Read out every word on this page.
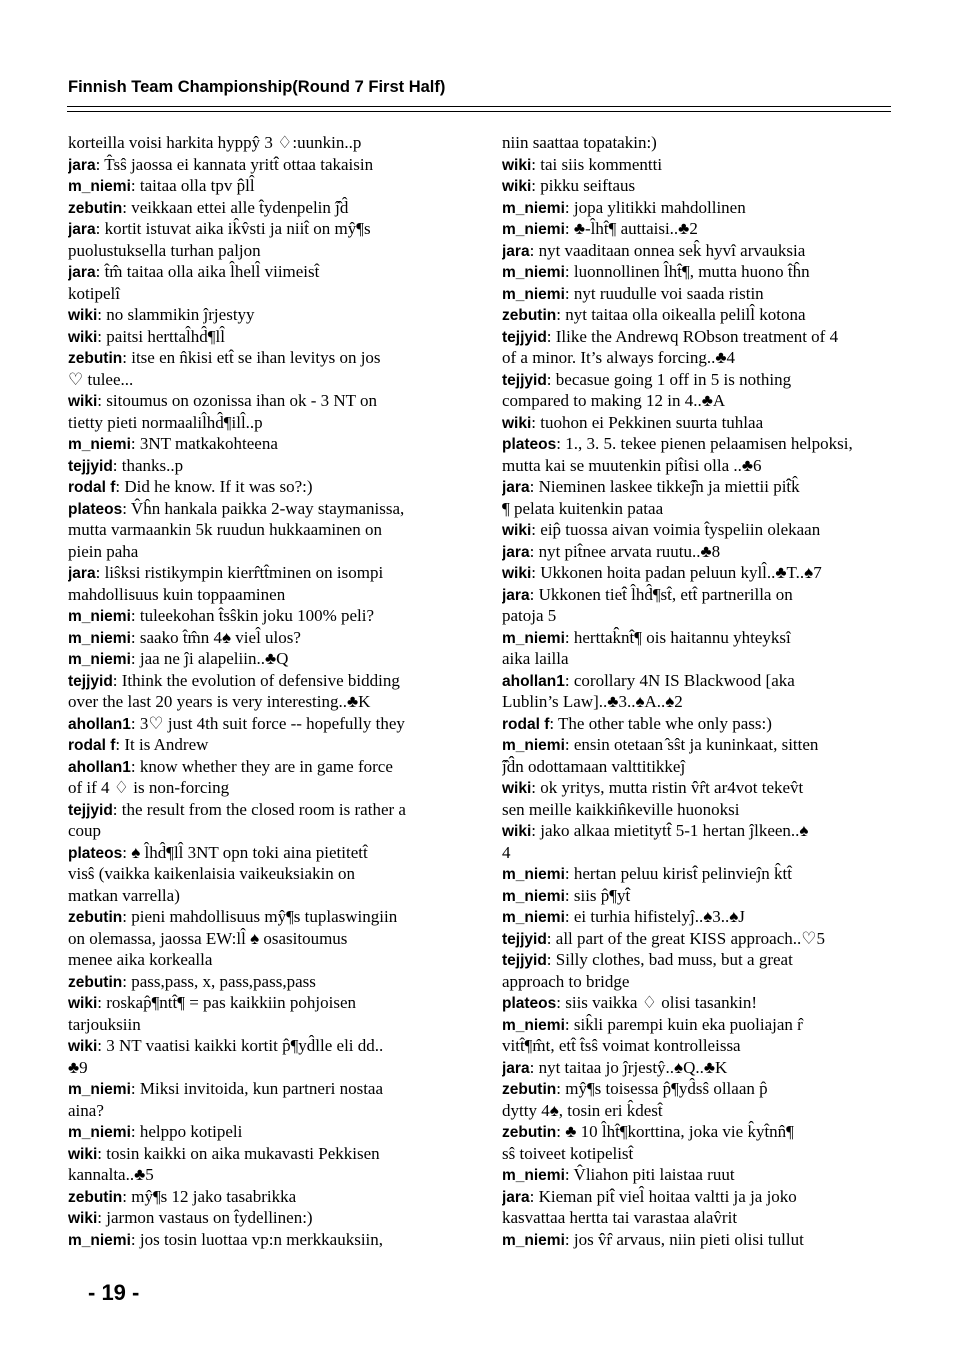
Finnish Team Championship(Round 7 First Half)
korteilla voisi harkita hyppŷ 3 ♢:uunkin..p
jara: T̂sŝ jaossa ei kannata yritt̂̂ ottaa takaisin
m_niemi: taitaa olla tpv p̂̂ll̂
zebutin: veikkaan ettei alle t̂ydenpelin ĵ̂d̂
jara: kortit istuvat aika ik̂v̂sti ja niit̂ on mŷ¶s
puolustuksella turhan paljon
jara: t̂m̂ taitaa olla aika l̂hell̂ viimeist̂
kotipelî
wiki: no slammikin ĵrjestyy
wiki: paitsi herttal̂hd̂¶ll̂
zebutin: itse en n̂kisi ett̂ se ihan levitys on jos
♡ tulee...
wiki: sitoumus on ozonissa ihan ok - 3 NT on
tietty pieti normaalil̂hd̂¶ill̂..p
m_niemi: 3NT matkakohteena
tejjyid: thanks..p
rodal f: Did he know. If it was so?:)
plateos: V̂ĥn hankala paikka 2-way staymanissa,
mutta varmaankin 5k ruudun hukkaaminen on
piein paha
jara: liŝksi ristikympin kierr̂tt̂minen on isompi
mahdollisuus kuin toppaaminen
m_niemi: tuleekohan t̂sŝkin joku 100% peli?
m_niemi: saako t̂m̂n 4♠ viel̂ ulos?
m_niemi: jaa ne ĵi alapeliin..♣Q
tejjyid: Ithink the evolution of defensive bidding
over the last 20 years is very interesting..♣K
ahollan1: 3♡ just 4th suit force -- hopefully they
rodal f: It is Andrew
ahollan1: know whether they are in game force
of if 4 ♢ is non-forcing
tejjyid: the result from the closed room is rather a
coup
plateos: ♠ l̂hd̂¶ll̂ 3NT opn toki aina pietitett̂
visŝ (vaikka kaikenlaisia vaikeuksiakin on
matkan varrella)
zebutin: pieni mahdollisuus mŷ¶s tuplaswingiin
on olemassa, jaossa EW:ll̂ ♠ osasitoumus
menee aika korkealla
zebutin: pass,pass, x, pass,pass,pass
wiki: roskap̂¶ntt̂¶ = pas kaikkiin pohjoisen
tarjouksiin
wiki: 3 NT vaatisi kaikki kortit p̂¶yd̂lle eli dd..
♣9
m_niemi: Miksi invitoida, kun partneri nostaa
aina?
m_niemi: helppo kotipeli
wiki: tosin kaikki on aika mukavasti Pekkisen
kannalta..♣5
zebutin: mŷ¶s 12 jako tasabrikka
wiki: jarmon vastaus on t̂ydellinen:)
m_niemi: jos tosin luottaa vp:n merkkauksiin,
niin saattaa topatakin:)
wiki: tai siis kommentti
wiki: pikku seiftaus
m_niemi: jopa ylitikki mahdollinen
m_niemi: ♣-l̂ht̂¶ auttaisi..♣2
jara: nyt vaaditaan onnea sek̂ hyvî arvauksia
m_niemi: luonnollinen l̂ht̂¶, mutta huono t̂ĥn
m_niemi: nyt ruudulle voi saada ristin
zebutin: nyt taitaa olla oikealla pelill̂ kotona
tejjyid: Ilike the Andrewq RObson treatment of 4
of a minor. It’s always forcing..♣4
tejjyid: becasue going 1 off in 5 is nothing
compared to making 12 in 4..♣A
wiki: tuohon ei Pekkinen suurta tuhlaa
plateos: 1., 3. 5. tekee pienen pelaamisen helpoksi,
mutta kai se muutenkin pit̂isi olla ..♣6
jara: Nieminen laskee tikkeĵ̂n ja miettii pit̂̂k̂
¶ pelata kuitenkin pataa
wiki: eip̂ tuossa aivan voimia t̂yspeliin olekaan
jara: nyt pit̂nee arvata ruutu..♣8
wiki: Ukkonen hoita padan peluun kyll̂..♣T..♠7
jara: Ukkonen tiet̂̂ l̂hd̂¶st̂, ett̂ partnerilla on
patoja 5
m_niemi: herttak̂̂nt̂¶ ois haitannu yhteyksî
aika lailla
ahollan1: corollary 4N IS Blackwood [aka
Lublin’s Law]..♣3..♠A..♠2
rodal f: The other table whe only pass:)
m_niemi: ensin otetaan ̂sŝt ja kuninkaat, sitten
ĵ̂d̂̂n odottamaan valttitikkeĵ
wiki: ok yritys, mutta ristin v̂̂r̂t ar4vot tekev̂t
sen meille kaikkin̂keville huonoksi
wiki: jako alkaa mietitytt̂̂ 5-1 hertan ĵlkeen..♠
4
m_niemi: hertan peluu kirist̂̂ pelinvieĵn k̂tt̂
m_niemi: siis p̂¶yt̂̂
m_niemi: ei turhia hifistelyĵ..♠3..♠J
tejjyid: all part of the great KISS approach..♡5
tejjyid: Silly clothes, bad muss, but a great
approach to bridge
plateos: siis vaikka ♢ olisi tasankin!
m_niemi: sik̂li parempi kuin eka puoliajan r̂
vitt̂¶m̂t, ett̂ t̂sŝ voimat kontrolleissa
jara: nyt taitaa jo ĵrjestŷ..♠Q..♣K
zebutin: mŷ¶s toisessa p̂¶yd̂sŝ ollaan p̂
dytty 4♠, tosin eri k̂dest̂
zebutin: ♣ 10 l̂ht̂¶korttina, joka vie k̂yt̂nn̂¶
sŝ toiveet kotipelist̂
m_niemi: V̂liahon piti laistaa ruut
jara: Kieman pit̂̂ viel̂ hoitaa valtti ja ja joko
kasvattaa hertta tai varastaa alav̂rit
m_niemi: jos v̂̂r̂ arvaus, niin pieti olisi tullut
- 19 -
